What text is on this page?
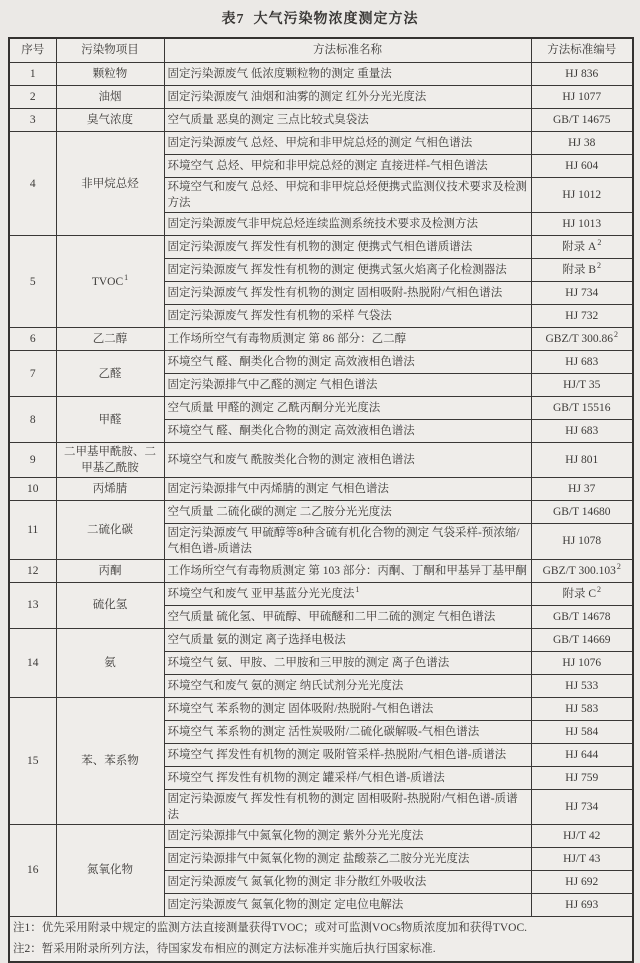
表7  大气污染物浓度测定方法
序号	污染物项目	方法标准名称	方法标准编号
1	颗粒物	固定污染源废气 低浓度颗粒物的测定 重量法	HJ 836
2	油烟	固定污染源废气 油烟和油雾的测定 红外分光光度法	HJ 1077
3	臭气浓度	空气质量 恶臭的测定 三点比较式臭袋法	GB/T 14675
4	非甲烷总烃	固定污染源废气 总烃、甲烷和非甲烷总烃的测定 气相色谱法	HJ 38
		环境空气 总烃、甲烷和非甲烷总烃的测定 直接进样-气相色谱法	HJ 604
		环境空气和废气 总烃、甲烷和非甲烷总烃便携式监测仪技术要求及检测方法	HJ 1012
		固定污染源废气非甲烷总烃连续监测系统技术要求及检测方法	HJ 1013
5	TVOC$^1$	固定污染源废气 挥发性有机物的测定 便携式气相色谱质谱法	附录 A$^2$
		固定污染源废气 挥发性有机物的测定 便携式氢火焰离子化检测器法	附录 B$^2$
		固定污染源废气 挥发性有机物的测定 固相吸附-热脱附/气相色谱法	HJ 734
		固定污染源废气 挥发性有机物的采样 气袋法	HJ 732
6	乙二醇	工作场所空气有毒物质测定 第 86 部分：乙二醇	GBZ/T 300.86$^2$
7	乙醛	环境空气 醛、酮类化合物的测定 高效液相色谱法	HJ 683
		固定污染源排气中乙醛的测定 气相色谱法	HJ/T 35
8	甲醛	空气质量 甲醛的测定 乙酰丙酮分光光度法	GB/T 15516
		环境空气 醛、酮类化合物的测定 高效液相色谱法	HJ 683
9	二甲基甲酰胺、二甲基乙酰胺	环境空气和废气 酰胺类化合物的测定 液相色谱法	HJ 801
10	丙烯腈	固定污染源排气中丙烯腈的测定 气相色谱法	HJ 37
11	二硫化碳	空气质量 二硫化碳的测定 二乙胺分光光度法	GB/T 14680
		固定污染源废气 甲硫醇等8种含硫有机化合物的测定 气袋采样-预浓缩/气相色谱-质谱法	HJ 1078
12	丙酮	工作场所空气有毒物质测定 第 103 部分：丙酮、丁酮和甲基异丁基甲酮	GBZ/T 300.103$^2$
13	硫化氢	环境空气和废气 亚甲基蓝分光光度法$^1$	附录 C$^2$
		空气质量 硫化氢、甲硫醇、甲硫醚和二甲二硫的测定 气相色谱法	GB/T 14678
14	氨	空气质量 氨的测定 离子选择电极法	GB/T 14669
		环境空气 氨、甲胺、二甲胺和三甲胺的测定 离子色谱法	HJ 1076
		环境空气和废气 氨的测定 纳氏试剂分光光度法	HJ 533
15	苯、苯系物	环境空气 苯系物的测定 固体吸附/热脱附-气相色谱法	HJ 583
		环境空气 苯系物的测定 活性炭吸附/二硫化碳解吸-气相色谱法	HJ 584
		环境空气 挥发性有机物的测定 吸附管采样-热脱附/气相色谱-质谱法	HJ 644
		环境空气 挥发性有机物的测定 罐采样/气相色谱-质谱法	HJ 759
		固定污染源废气 挥发性有机物的测定 固相吸附-热脱附/气相色谱-质谱法	HJ 734
16	氮氧化物	固定污染源排气中氮氧化物的测定 紫外分光光度法	HJ/T 42
		固定污染源排气中氮氧化物的测定 盐酸萘乙二胺分光光度法	HJ/T 43
		固定污染源废气 氮氧化物的测定 非分散红外吸收法	HJ 692
		固定污染源废气 氮氧化物的测定 定电位电解法	HJ 693

注1：优先采用附录中规定的监测方法直接测量获得TVOC；或对可监测VOCs物质浓度加和获得TVOC.
注2：暂采用附录所列方法，待国家发布相应的测定方法标准并实施后执行国家标准.			
